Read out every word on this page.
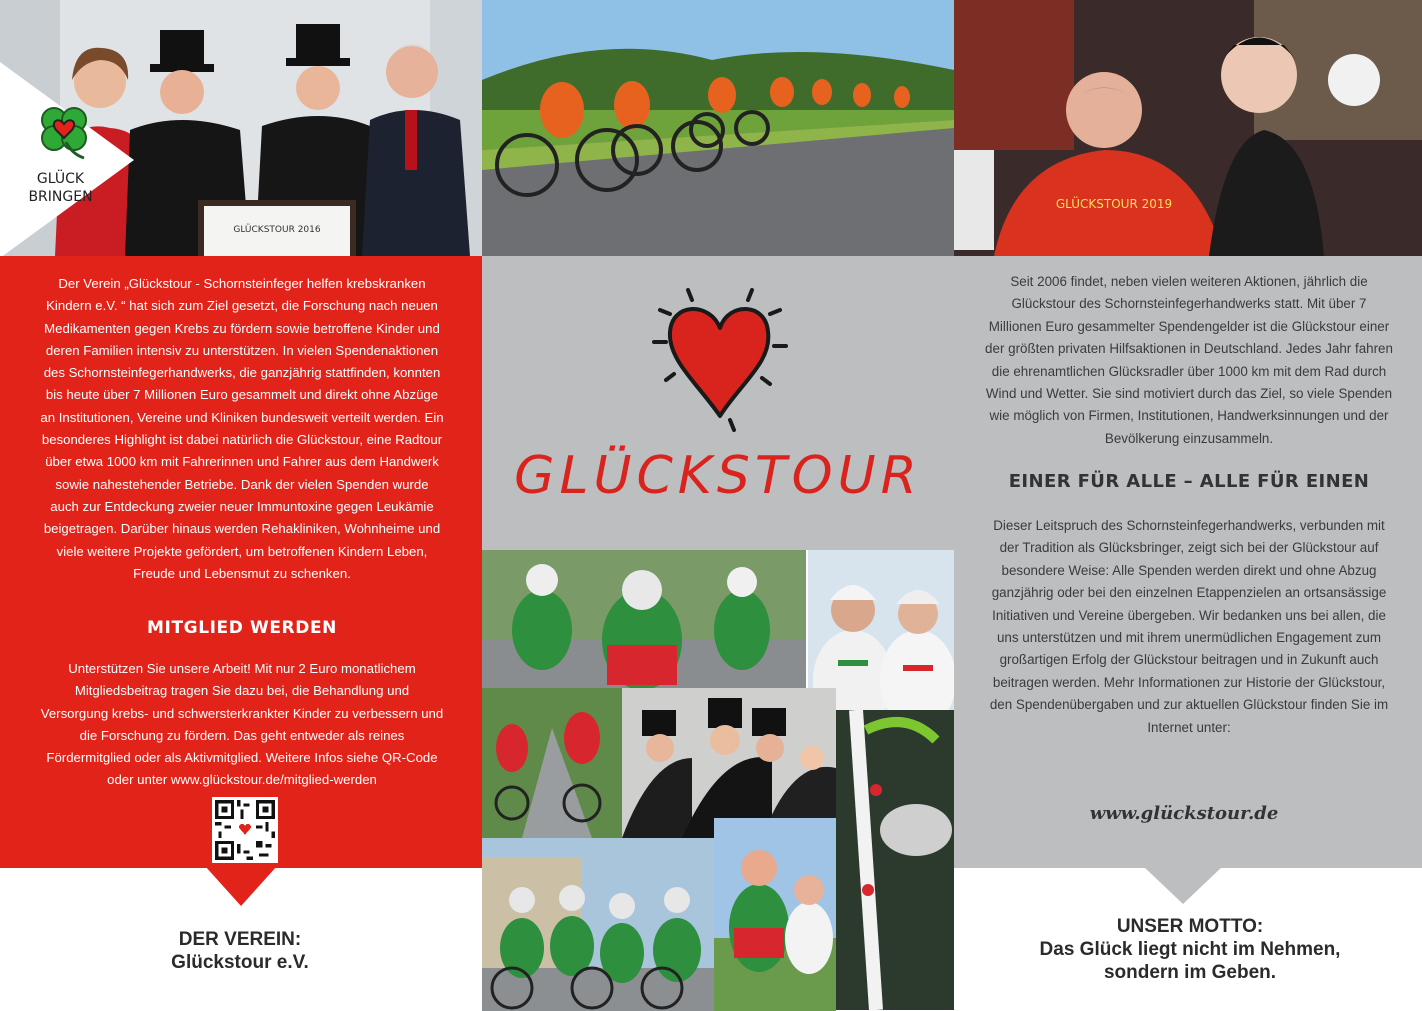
GLÜCKSTOUR 2016
GLÜCKSTOUR 2019
GLÜCK
BRINGEN
Der Verein „Glückstour - Schornsteinfeger helfen krebskranken Kindern e.V. “ hat sich zum Ziel gesetzt, die Forschung nach neuen Medikamenten gegen Krebs zu fördern sowie betroffene Kinder und deren Familien intensiv zu unterstützen. In vielen Spendenaktionen des Schornsteinfegerhandwerks, die ganzjährig stattfinden, konnten bis heute über 7 Millionen Euro gesammelt und direkt ohne Abzüge an Institutionen, Vereine und Kliniken bundesweit verteilt werden. Ein besonderes Highlight ist dabei natürlich die Glückstour, eine Radtour über etwa 1000 km mit Fahrerinnen und Fahrer aus dem Handwerk sowie nahestehender Betriebe. Dank der vielen Spenden wurde auch zur Entdeckung zweier neuer Immuntoxine gegen Leukämie beigetragen. Darüber hinaus werden Rehakliniken, Wohnheime und viele weitere Projekte gefördert, um betroffenen Kindern Leben, Freude und Lebensmut zu schenken.
MITGLIED WERDEN
Unterstützen Sie unsere Arbeit! Mit nur 2 Euro monatlichem Mitgliedsbeitrag tragen Sie dazu bei, die Behandlung und Versorgung krebs- und schwersterkrankter Kinder zu verbessern und die Forschung zu fördern. Das geht entweder als reines Fördermitglied oder als Aktivmitglied. Weitere Infos siehe QR-Code oder unter www.glückstour.de/mitglied-werden
DER VEREIN:
Glückstour e.V.
GLÜCKSTOUR
Seit 2006 findet, neben vielen weiteren Aktionen, jährlich die Glückstour des Schornsteinfegerhandwerks statt. Mit über 7 Millionen Euro gesammelter Spendengelder ist die Glückstour einer der größten privaten Hilfsaktionen in Deutschland. Jedes Jahr fahren die ehrenamtlichen Glücksradler über 1000 km mit dem Rad durch Wind und Wetter. Sie sind motiviert durch das Ziel, so viele Spenden wie möglich von Firmen, Institutionen, Handwerksinnungen und der Bevölkerung einzusammeln.
EINER FÜR ALLE – ALLE FÜR EINEN
Dieser Leitspruch des Schornsteinfegerhandwerks, verbunden mit der Tradition als Glücksbringer, zeigt sich bei der Glückstour auf besondere Weise: Alle Spenden werden direkt und ohne Abzug ganzjährig oder bei den einzelnen Etappenzielen an ortsansässige Initiativen und Vereine übergeben. Wir bedanken uns bei allen, die uns unterstützen und mit ihrem unermüdlichen Engagement zum großartigen Erfolg der Glückstour beitragen und in Zukunft auch beitragen werden. Mehr Informationen zur Historie der Glückstour, den Spendenübergaben und zur aktuellen Glückstour finden Sie im Internet unter:
www.glückstour.de
UNSER MOTTO:
Das Glück liegt nicht im Nehmen,
sondern im Geben.
